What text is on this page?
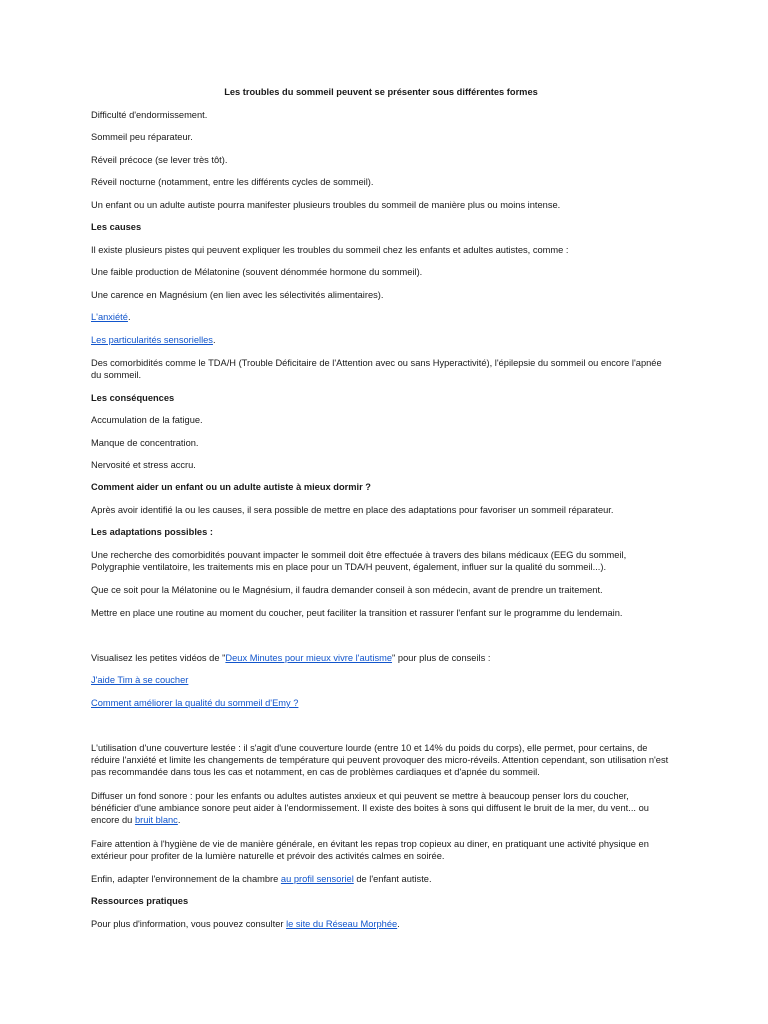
Les troubles du sommeil peuvent se présenter sous différentes formes
Difficulté d'endormissement.
Sommeil peu réparateur.
Réveil précoce (se lever très tôt).
Réveil nocturne (notamment, entre les différents cycles de sommeil).
Un enfant ou un adulte autiste pourra manifester plusieurs troubles du sommeil de manière plus ou moins intense.
Les causes
Il existe plusieurs pistes qui peuvent expliquer les troubles du sommeil chez les enfants et adultes autistes, comme :
Une faible production de Mélatonine (souvent dénommée hormone du sommeil).
Une carence en Magnésium (en lien avec les sélectivités alimentaires).
L'anxiété.
Les particularités sensorielles.
Des comorbidités comme le TDA/H (Trouble Déficitaire de l'Attention avec ou sans Hyperactivité), l'épilepsie du sommeil ou encore l'apnée du sommeil.
Les conséquences
Accumulation de la fatigue.
Manque de concentration.
Nervosité et stress accru.
Comment aider un enfant ou un adulte autiste à mieux dormir ?
Après avoir identifié la ou les causes, il sera possible de mettre en place des adaptations pour favoriser un sommeil réparateur.
Les adaptations possibles :
Une recherche des comorbidités pouvant impacter le sommeil doit être effectuée à travers des bilans médicaux (EEG du sommeil, Polygraphie ventilatoire, les traitements mis en place pour un TDA/H peuvent, également, influer sur la qualité du sommeil...).
Que ce soit pour la Mélatonine ou le Magnésium, il faudra demander conseil à son médecin, avant de prendre un traitement.
Mettre en place une routine au moment du coucher, peut faciliter la transition et rassurer l'enfant sur le programme du lendemain.
Visualisez les petites vidéos de "Deux Minutes pour mieux vivre l'autisme" pour plus de conseils :
J'aide Tim à se coucher
Comment améliorer la qualité du sommeil d'Emy ?
L'utilisation d'une couverture lestée : il s'agit d'une couverture lourde (entre 10 et 14% du poids du corps), elle permet, pour certains, de réduire l'anxiété et limite les changements de température qui peuvent provoquer des micro-réveils. Attention cependant, son utilisation n'est pas recommandée dans tous les cas et notamment, en cas de problèmes cardiaques et d'apnée du sommeil.
Diffuser un fond sonore : pour les enfants ou adultes autistes anxieux et qui peuvent se mettre à beaucoup penser lors du coucher, bénéficier d'une ambiance sonore peut aider à l'endormissement. Il existe des boites à sons qui diffusent le bruit de la mer, du vent... ou encore du bruit blanc.
Faire attention à l'hygiène de vie de manière générale, en évitant les repas trop copieux au diner, en pratiquant une activité physique en extérieur pour profiter de la lumière naturelle et prévoir des activités calmes en soirée.
Enfin, adapter l'environnement de la chambre au profil sensoriel de l'enfant autiste.
Ressources pratiques
Pour plus d'information, vous pouvez consulter le site du Réseau Morphée.
